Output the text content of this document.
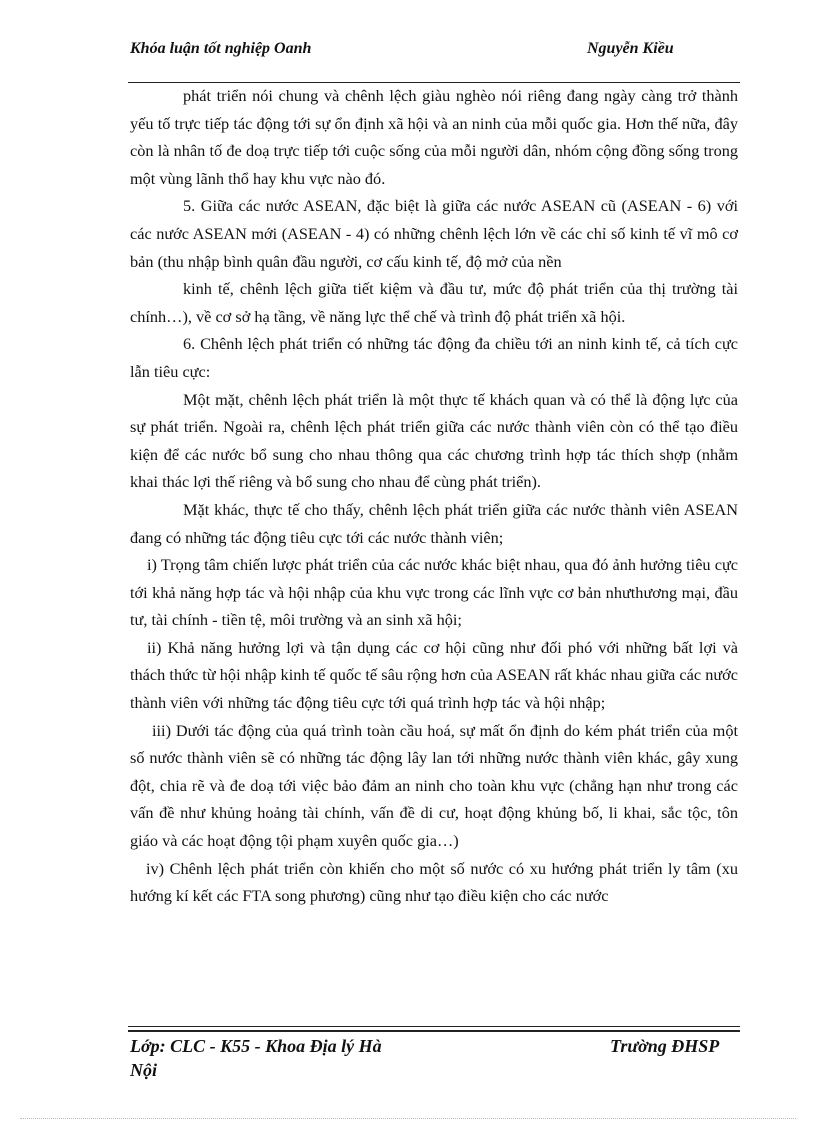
Khóa luận tốt nghiệp Oanh	Nguyễn Kiều

phát triển nói chung và chênh lệch giàu nghèo nói riêng đang ngày càng trở thành yếu tố trực tiếp tác động tới sự ổn định xã hội và an ninh của mỗi quốc gia. Hơn thế nữa, đây còn là nhân tố đe doạ trực tiếp tới cuộc sống của mỗi người dân, nhóm cộng đồng sống trong một vùng lãnh thổ hay khu vực nào đó.

5. Giữa các nước ASEAN, đặc biệt là giữa các nước ASEAN cũ (ASEAN - 6) với các nước ASEAN mới (ASEAN - 4) có những chênh lệch lớn về các chỉ số kinh tế vĩ mô cơ bản (thu nhập bình quân đầu người, cơ cấu kinh tế, độ mở của nền

kinh tế, chênh lệch giữa tiết kiệm và đầu tư, mức độ phát triển của thị trường tài chính…), về cơ sở hạ tầng, về năng lực thể chế và trình độ phát triển xã hội.

6. Chênh lệch phát triển có những tác động đa chiều tới an ninh kinh tế, cả tích cực lẫn tiêu cực:

Một mặt, chênh lệch phát triển là một thực tế khách quan và có thể là động lực của sự phát triển. Ngoài ra, chênh lệch phát triển giữa các nước thành viên còn có thể tạo điều kiện để các nước bổ sung cho nhau thông qua các chương trình hợp tác thích shợp (nhằm khai thác lợi thế riêng và bổ sung cho nhau để cùng phát triển).

Mặt khác, thực tế cho thấy, chênh lệch phát triển giữa các nước thành viên ASEAN đang có những tác động tiêu cực tới các nước thành viên;

i) Trọng tâm chiến lược phát triển của các nước khác biệt nhau, qua đó ảnh hưởng tiêu cực tới khả năng hợp tác và hội nhập của khu vực trong các lĩnh vực cơ bản nhưthương mại, đầu tư, tài chính - tiền tệ, môi trường và an sinh xã hội;

ii) Khả năng hưởng lợi và tận dụng các cơ hội cũng như đối phó với những bất lợi và thách thức từ hội nhập kinh tế quốc tế sâu rộng hơn của ASEAN rất khác nhau giữa các nước thành viên với những tác động tiêu cực tới quá trình hợp tác và hội nhập;

iii) Dưới tác động của quá trình toàn cầu hoá, sự mất ổn định do kém phát triển của một số nước thành viên sẽ có những tác động lây lan tới những nước thành viên khác, gây xung đột, chia rẽ và đe doạ tới việc bảo đảm an ninh cho toàn khu vực (chẳng hạn như trong các vấn đề như khủng hoảng tài chính, vấn đề di cư, hoạt động khủng bố, li khai, sắc tộc, tôn giáo và các hoạt động tội phạm xuyên quốc gia…)

iv) Chênh lệch phát triển còn khiến cho một số nước có xu hướng phát triển ly tâm (xu hướng kí kết các FTA song phương) cũng như tạo điều kiện cho các nước

Lớp: CLC - K55 - Khoa Địa lý Hà Nội
Trường ĐHSP
